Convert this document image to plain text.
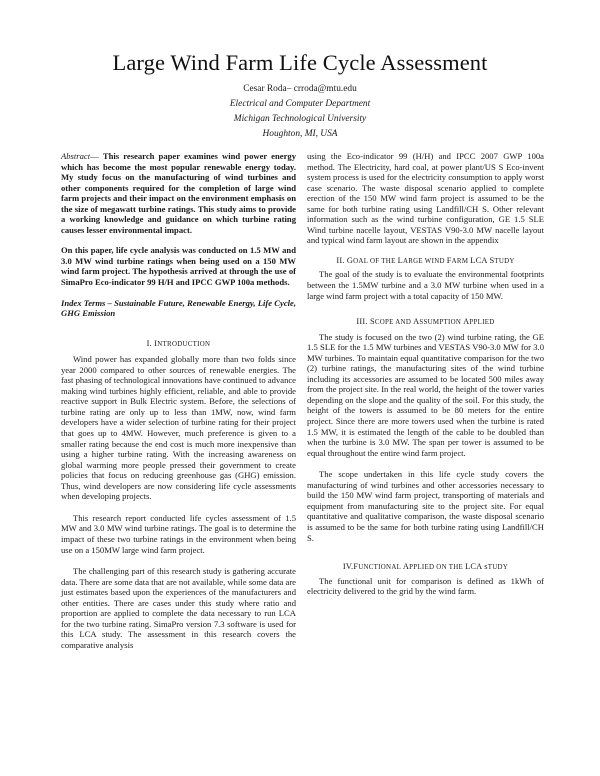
Large Wind Farm Life Cycle Assessment
Cesar Roda– crroda@mtu.edu
Electrical and Computer Department
Michigan Technological University
Houghton, MI, USA

Abstract— This research paper examines wind power energy which has become the most popular renewable energy today. My study focus on the manufacturing of wind turbines and other components required for the completion of large wind farm projects and their impact on the environment emphasis on the size of megawatt turbine ratings. This study aims to provide a working knowledge and guidance on which turbine rating causes lesser environmental impact.

On this paper, life cycle analysis was conducted on 1.5 MW and 3.0 MW wind turbine ratings when being used on a 150 MW wind farm project. The hypothesis arrived at through the use of SimaPro Eco-indicator 99 H/H and IPCC GWP 100a methods.

Index Terms – Sustainable Future, Renewable Energy, Life Cycle, GHG Emission

I. INTRODUCTION

Wind power has expanded globally more than two folds since year 2000 compared to other sources of renewable energies. The fast phasing of technological innovations have continued to advance making wind turbines highly efficient, reliable, and able to provide reactive support in Bulk Electric system. Before, the selections of turbine rating are only up to less than 1MW, now, wind farm developers have a wider selection of turbine rating for their project that goes up to 4MW. However, much preference is given to a smaller rating because the end cost is much more inexpensive than using a higher turbine rating. With the increasing awareness on global warming more people pressed their government to create policies that focus on reducing greenhouse gas (GHG) emission. Thus, wind developers are now considering life cycle assessments when developing projects.

This research report conducted life cycles assessment of 1.5 MW and 3.0 MW wind turbine ratings. The goal is to determine the impact of these two turbine ratings in the environment when being use on a 150MW large wind farm project.

The challenging part of this research study is gathering accurate data. There are some data that are not available, while some data are just estimates based upon the experiences of the manufacturers and other entities. There are cases under this study where ratio and proportion are applied to complete the data necessary to run LCA for the two turbine rating. SimaPro version 7.3 software is used for this LCA study. The assessment in this research covers the comparative analysis

using the Eco-indicator 99 (H/H) and IPCC 2007 GWP 100a method. The Electricity, hard coal, at power plant/US S Eco-invent system process is used for the electricity consumption to apply worst case scenario. The waste disposal scenario applied to complete erection of the 150 MW wind farm project is assumed to be the same for both turbine rating using Landfill/CH S. Other relevant information such as the wind turbine configuration, GE 1.5 SLE Wind turbine nacelle layout, VESTAS V90-3.0 MW nacelle layout and typical wind farm layout are shown in the appendix

II. GOAL OF THE LARGE WIND FARM LCA STUDY

The goal of the study is to evaluate the environmental footprints between the 1.5MW turbine and a 3.0 MW turbine when used in a large wind farm project with a total capacity of 150 MW.

III. SCOPE AND ASSUMPTION APPLIED

The study is focused on the two (2) wind turbine rating, the GE 1.5 SLE for the 1.5 MW turbines and VESTAS V90-3.0 MW for 3.0 MW turbines. To maintain equal quantitative comparison for the two (2) turbine ratings, the manufacturing sites of the wind turbine including its accessories are assumed to be located 500 miles away from the project site. In the real world, the height of the tower varies depending on the slope and the quality of the soil. For this study, the height of the towers is assumed to be 80 meters for the entire project. Since there are more towers used when the turbine is rated 1.5 MW, it is estimated the length of the cable to be doubled than when the turbine is 3.0 MW. The span per tower is assumed to be equal throughout the entire wind farm project.

The scope undertaken in this life cycle study covers the manufacturing of wind turbines and other accessories necessary to build the 150 MW wind farm project, transporting of materials and equipment from manufacturing site to the project site. For equal quantitative and qualitative comparison, the waste disposal scenario is assumed to be the same for both turbine rating using Landfill/CH S.

IV.FUNCTIONAL APPLIED ON THE LCA sTUDY

The functional unit for comparison is defined as 1kWh of electricity delivered to the grid by the wind farm.
